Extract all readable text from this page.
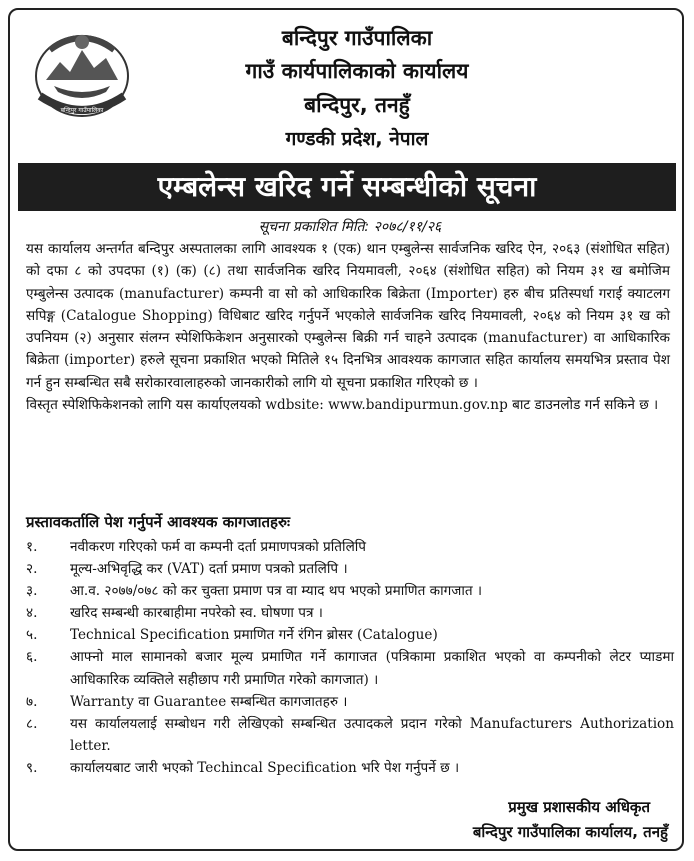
बन्दिपुर गाउँपालिका
बन्दिपुर गाउँपालिका
गाउँ कार्यपालिकाको कार्यालय
बन्दिपुर, तनहुँ
गण्डकी प्रदेश, नेपाल
एम्बलेन्स खरिद गर्ने सम्बन्धीको सूचना
सूचना प्रकाशित मिति: २०७८/११/२६

यस कार्यालय अन्तर्गत बन्दिपुर अस्पतालका लागि आवश्यक १ (एक) थान एम्बुलेन्स सार्वजनिक खरिद ऐन, २०६३ (संशोधित सहित) को दफा ८ को उपदफा (१) (क) (८) तथा सार्वजनिक खरिद नियमावली, २०६४ (संशोधित सहित) को नियम ३१ ख बमोजिम एम्बुलेन्स उत्पादक (manufacturer) कम्पनी वा सो को आधिकारिक बिक्रेता (Importer) हरु बीच प्रतिस्पर्धा गराई क्याटलग सपिङ्ग (Catalogue Shopping) विधिबाट खरिद गर्नुपर्ने भएकोले सार्वजनिक खरिद नियमावली, २०६४ को नियम ३१ ख को उपनियम (२) अनुसार संलग्न स्पेशिफिकेशन अनुसारको एम्बुलेन्स बिक्री गर्न चाहने उत्पादक (manufacturer) वा आधिकारिक बिक्रेता (importer) हरुले सूचना प्रकाशित भएको मितिले १५ दिनभित्र आवश्यक कागजात सहित कार्यालय समयभित्र प्रस्ताव पेश गर्न हुन सम्बन्धित सबै सरोकारवालाहरुको जानकारीको लागि यो सूचना प्रकाशित गरिएको छ ।

विस्तृत स्पेशिफिकेशनको लागि यस कार्याएलयको wdbsite: www.bandipurmun.gov.np बाट डाउनलोड गर्न सकिने छ ।

प्रस्तावकर्तालि पेश गर्नुपर्ने आवश्यक कागजातहरुः
१. नवीकरण गरिएको फर्म वा कम्पनी दर्ता प्रमाणपत्रको प्रतिलिपि
२. मूल्य-अभिवृद्धि कर (VAT) दर्ता प्रमाण पत्रको प्रतलिपि ।
३. आ.व. २०७७/०७८ को कर चुक्ता प्रमाण पत्र वा म्याद थप भएको प्रमाणित कागजात ।
४. खरिद सम्बन्धी कारबाहीमा नपरेको स्व. घोषणा पत्र ।
५. Technical Specification प्रमाणित गर्ने रंगिन ब्रोसर (Catalogue)
६. आफ्नो माल सामानको बजार मूल्य प्रमाणित गर्ने कागाजत (पत्रिकामा प्रकाशित भएको वा कम्पनीको लेटर प्याडमा आधिकारिक व्यक्तिले सहीछाप गरी प्रमाणित गरेको कागजात) ।
७. Warranty वा Guarantee सम्बन्धित कागजातहरु ।
८. यस कार्यालयलाई सम्बोधन गरी लेखिएको सम्बन्धित उत्पादकले प्रदान गरेको Manufacturers Authorization letter.
९. कार्यालयबाट जारी भएको Techincal Specification भरि पेश गर्नुपर्ने छ ।
प्रमुख प्रशासकीय अधिकृत
बन्दिपुर गाउँपालिका कार्यालय, तनहुँ
